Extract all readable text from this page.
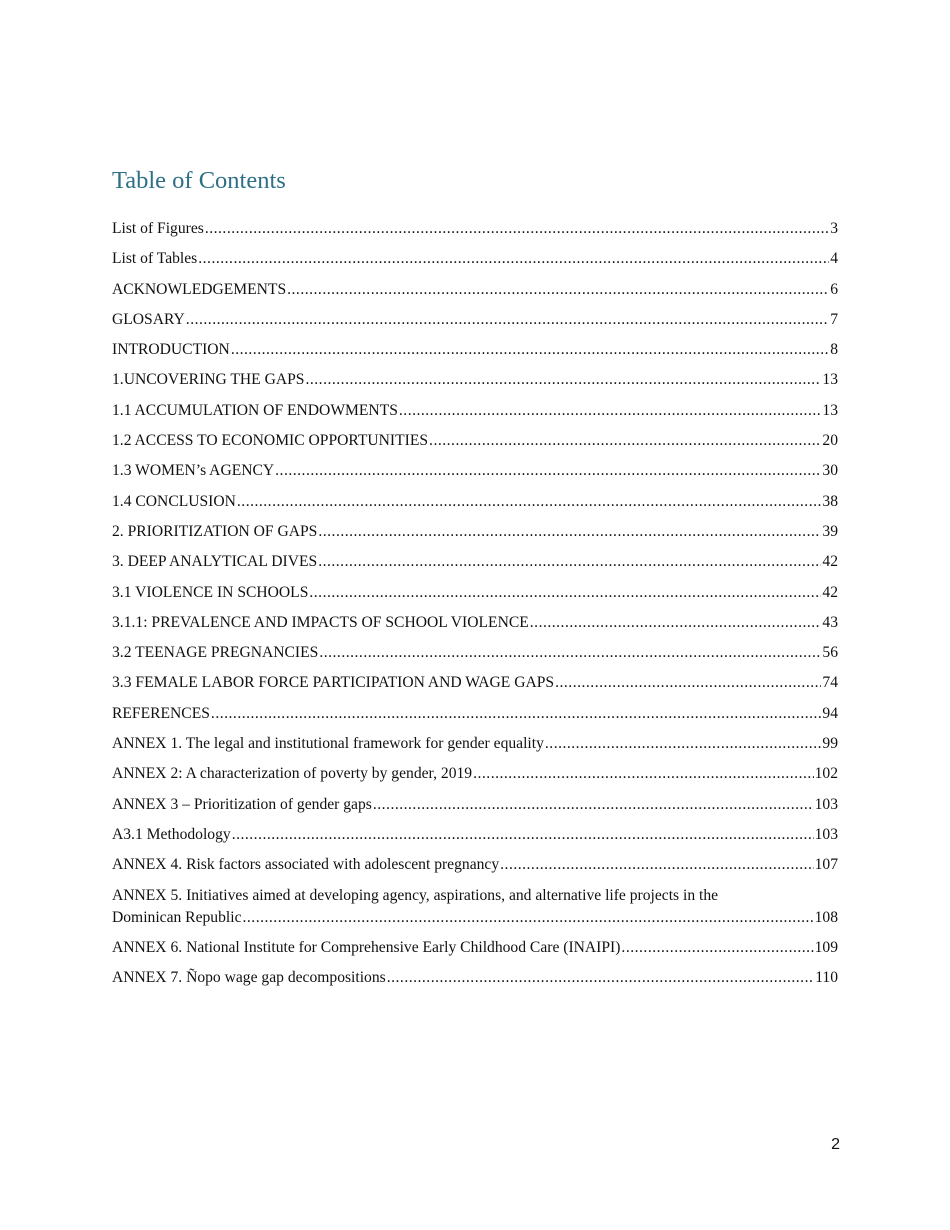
Table of Contents
List of Figures .....	3
List of Tables .....	4
ACKNOWLEDGEMENTS .....	6
GLOSARY .....	7
INTRODUCTION .....	8
1.UNCOVERING THE GAPS .....	13
1.1 ACCUMULATION OF ENDOWMENTS .....	13
1.2 ACCESS TO ECONOMIC OPPORTUNITIES .....	20
1.3 WOMEN’s AGENCY .....	30
1.4 CONCLUSION .....	38
2. PRIORITIZATION OF GAPS .....	39
3. DEEP ANALYTICAL DIVES .....	42
3.1 VIOLENCE IN SCHOOLS .....	42
3.1.1: PREVALENCE AND IMPACTS OF SCHOOL VIOLENCE .....	43
3.2 TEENAGE PREGNANCIES .....	56
3.3 FEMALE LABOR FORCE PARTICIPATION AND WAGE GAPS .....	74
REFERENCES .....	94
ANNEX 1. The legal and institutional framework for gender equality .....	99
ANNEX 2: A characterization of poverty by gender, 2019 .....	102
ANNEX 3 – Prioritization of gender gaps .....	103
A3.1 Methodology .....	103
ANNEX 4. Risk factors associated with adolescent pregnancy .....	107
ANNEX 5. Initiatives aimed at developing agency, aspirations, and alternative life projects in the
Dominican Republic .....	108
ANNEX 6. National Institute for Comprehensive Early Childhood Care (INAIPI) .....	109
ANNEX 7. Ñopo wage gap decompositions .....	110
2
